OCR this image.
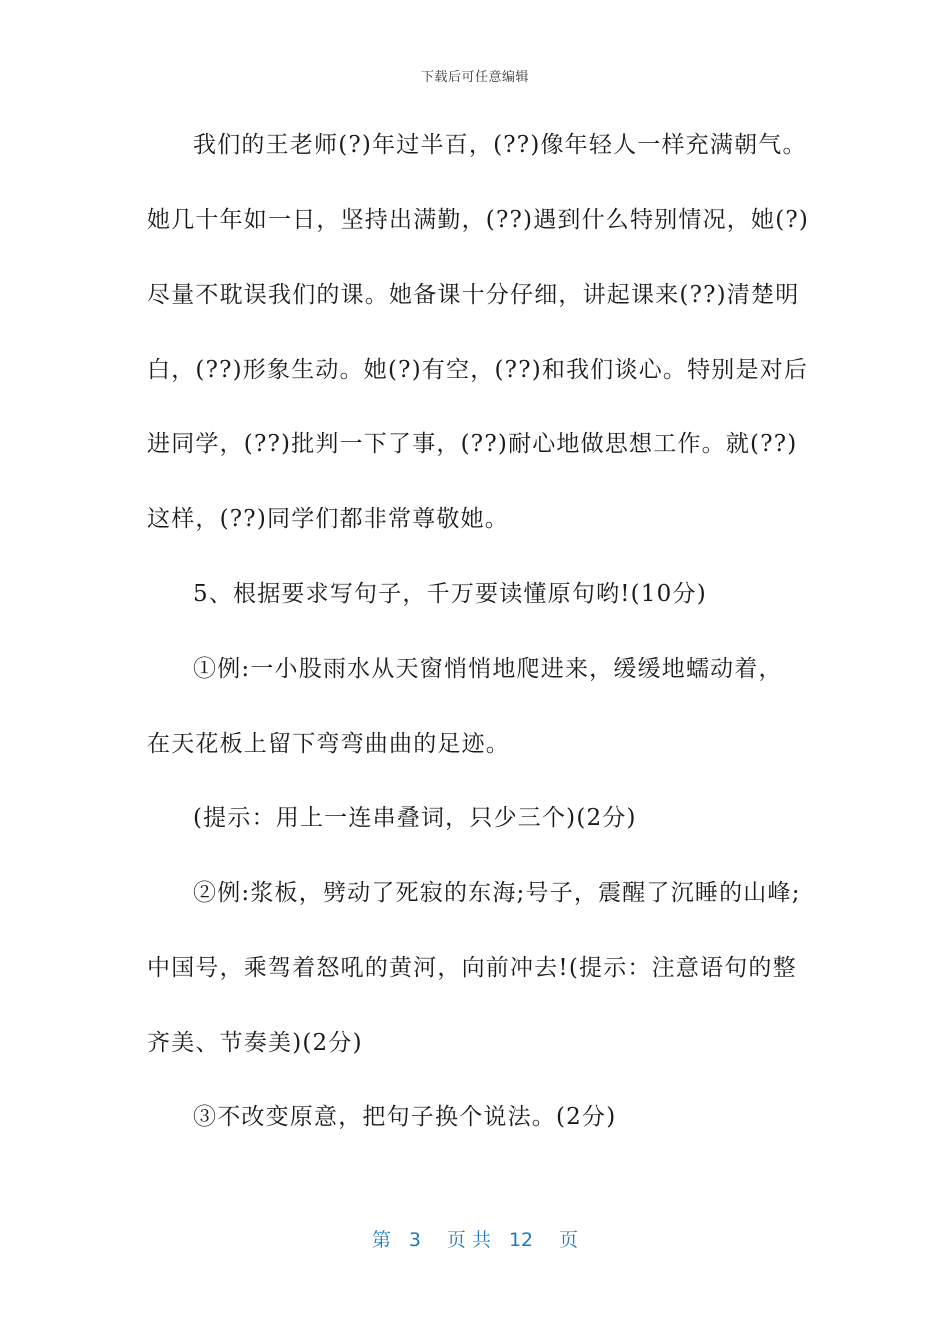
下载后可任意编辑
我们的王老师(?)年过半百，(??)像年轻人一样充满朝气。
她几十年如一日，坚持出满勤，(??)遇到什么特别情况，她(?)
尽量不耽误我们的课。她备课十分仔细，讲起课来(??)清楚明
白，(??)形象生动。她(?)有空，(??)和我们谈心。特别是对后
进同学，(??)批判一下了事，(??)耐心地做思想工作。就(??)
这样，(??)同学们都非常尊敬她。
5、根据要求写句子，千万要读懂原句哟!(10分)
①例:一小股雨水从天窗悄悄地爬进来，缓缓地蠕动着，
在天花板上留下弯弯曲曲的足迹。
(提示：用上一连串叠词，只少三个)(2分)
②例:浆板，劈动了死寂的东海;号子，震醒了沉睡的山峰;
中国号，乘驾着怒吼的黄河，向前冲去!(提示：注意语句的整
齐美、节奏美)(2分)
③不改变原意，把句子换个说法。(2分)
第 3 页 共 12 页
